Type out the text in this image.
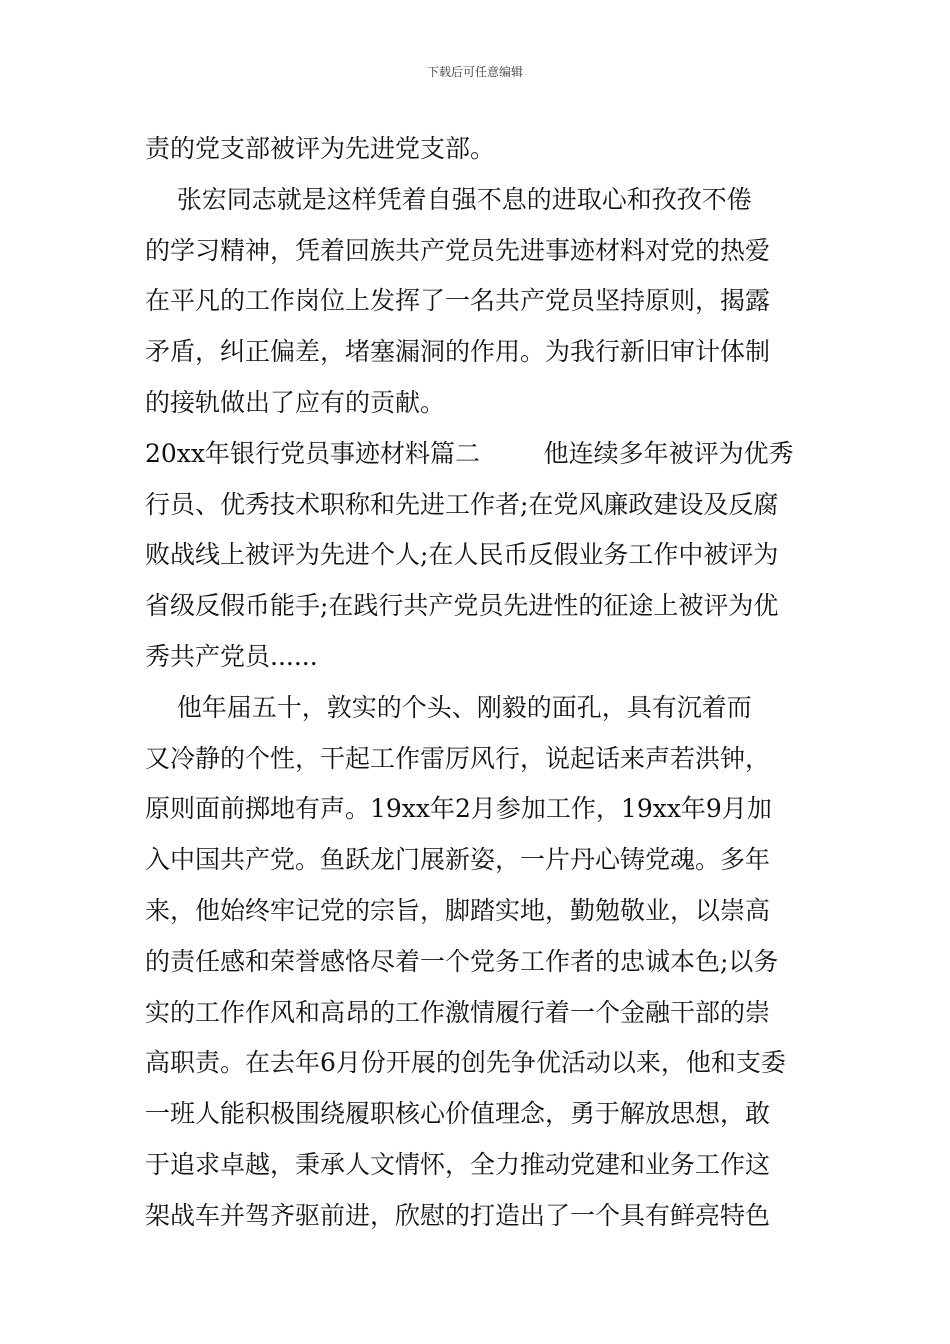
下载后可任意编辑
责的党支部被评为先进党支部。
张宏同志就是这样凭着自强不息的进取心和孜孜不倦
的学习精神，凭着回族共产党员先进事迹材料对党的热爱
在平凡的工作岗位上发挥了一名共产党员坚持原则，揭露
矛盾，纠正偏差，堵塞漏洞的作用。为我行新旧审计体制
的接轨做出了应有的贡献。
20xx年银行党员事迹材料篇二        他连续多年被评为优秀
行员、优秀技术职称和先进工作者;在党风廉政建设及反腐
败战线上被评为先进个人;在人民币反假业务工作中被评为
省级反假币能手;在践行共产党员先进性的征途上被评为优
秀共产党员......
他年届五十，敦实的个头、刚毅的面孔，具有沉着而
又冷静的个性，干起工作雷厉风行，说起话来声若洪钟，
原则面前掷地有声。19xx年2月参加工作，19xx年9月加
入中国共产党。鱼跃龙门展新姿，一片丹心铸党魂。多年
来，他始终牢记党的宗旨，脚踏实地，勤勉敬业，以崇高
的责任感和荣誉感恪尽着一个党务工作者的忠诚本色;以务
实的工作作风和高昂的工作激情履行着一个金融干部的崇
高职责。在去年6月份开展的创先争优活动以来，他和支委
一班人能积极围绕履职核心价值理念，勇于解放思想，敢
于追求卓越，秉承人文情怀，全力推动党建和业务工作这
架战车并驾齐驱前进，欣慰的打造出了一个具有鲜亮特色
